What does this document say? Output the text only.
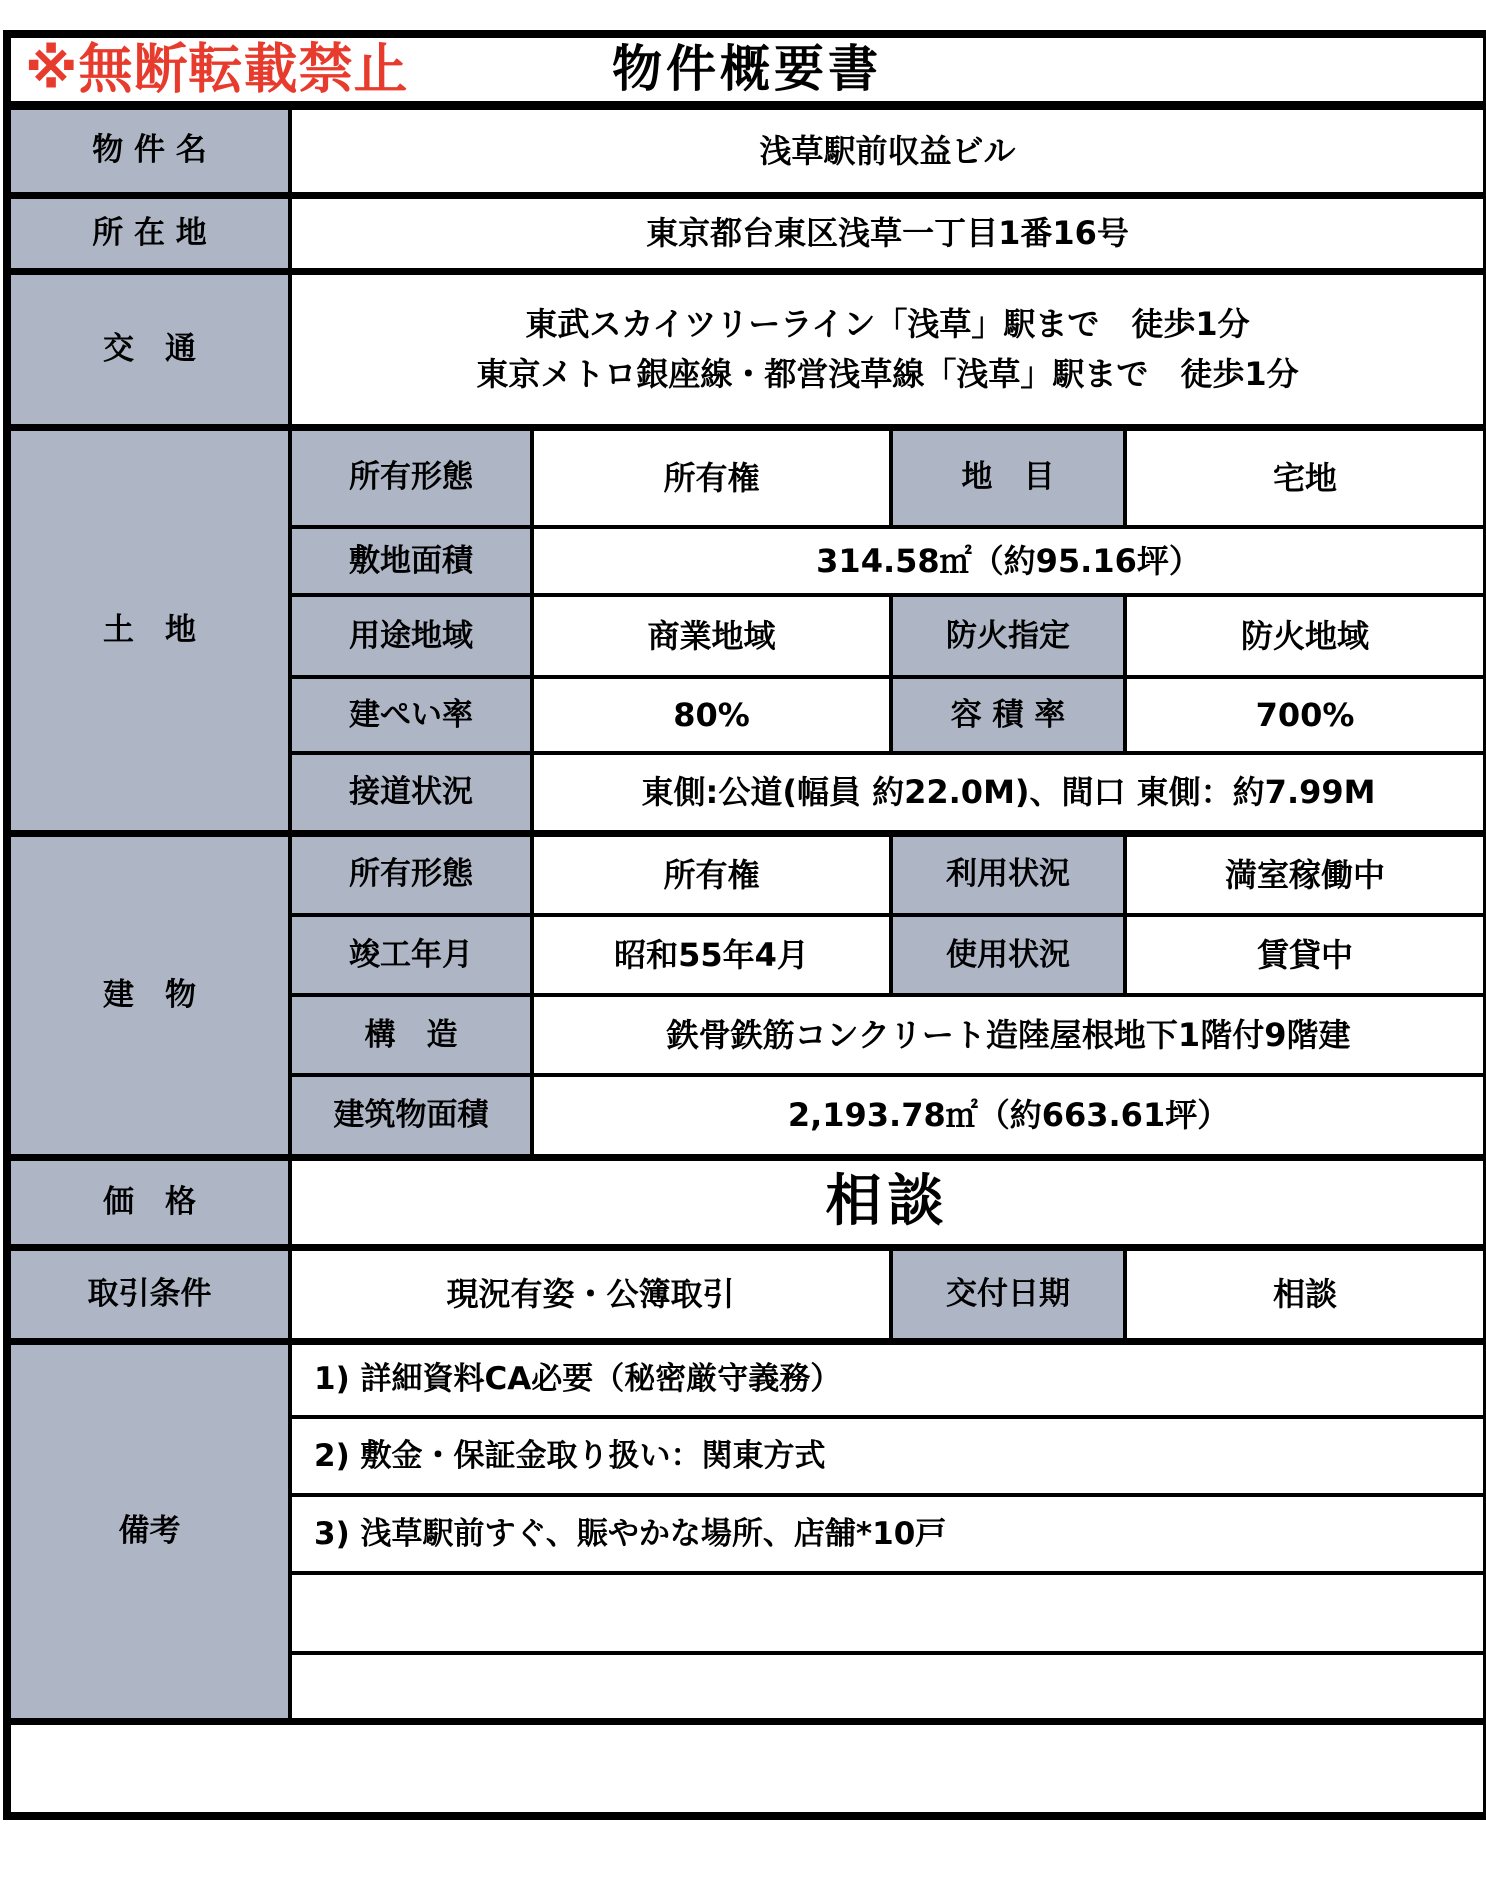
※無断転載禁止 物件概要書				

物 件 名	浅草駅前収益ビル			
所 在 地	東京都台東区浅草一丁目1番16号			
交　通	東武スカイツリーライン「浅草」駅まで　徒歩1分
東京メトロ銀座線・都営浅草線「浅草」駅まで　徒歩1分			

土　地	所有形態	所有権	地　目	宅地
	敷地面積	314.58㎡（約95.16坪）		
	用途地域	商業地域	防火指定	防火地域
	建ぺい率	80%	容 積 率	700%
	接道状況	東側:公道(幅員 約22.0M)、間口 東側：約7.99M		
建　物	所有形態	所有権	利用状況	満室稼働中
	竣工年月	昭和55年4月	使用状況	賃貸中
	構　造	鉄骨鉄筋コンクリート造陸屋根地下1階付9階建		
	建筑物面積	2,193.78㎡（約663.61坪）		
価　格	相談			
取引条件	現況有姿・公簿取引		交付日期	相談
備考	1) 詳細資料CA必要（秘密厳守義務）			
	2) 敷金・保証金取り扱い：関東方式			
	3) 浅草駅前すぐ、賑やかな場所、店舗*10戸			
